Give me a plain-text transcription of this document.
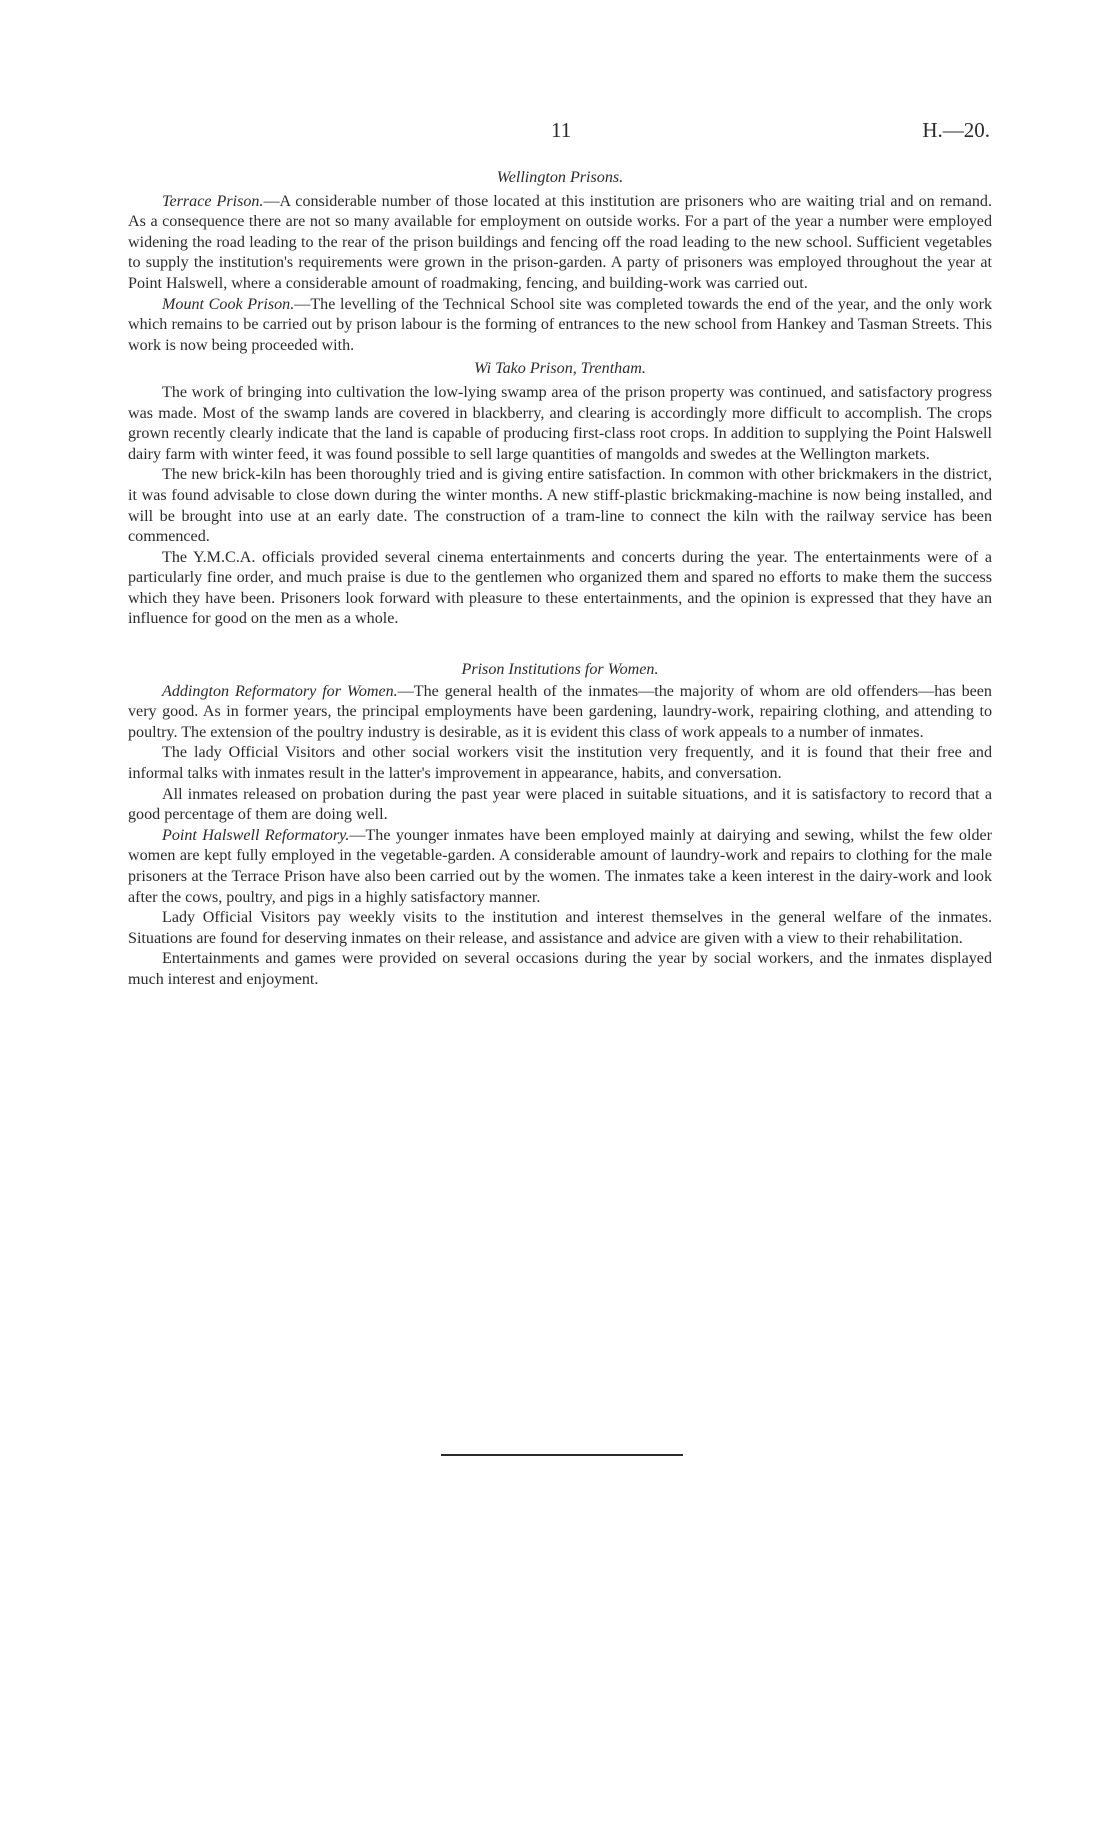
11	H.—20.
Wellington Prisons.

Terrace Prison.—A considerable number of those located at this institution are prisoners who are waiting trial and on remand. As a consequence there are not so many available for employment on outside works. For a part of the year a number were employed widening the road leading to the rear of the prison buildings and fencing off the road leading to the new school. Sufficient vegetables to supply the institution's requirements were grown in the prison-garden. A party of prisoners was employed throughout the year at Point Halswell, where a considerable amount of roadmaking, fencing, and building-work was carried out.

Mount Cook Prison.—The levelling of the Technical School site was completed towards the end of the year, and the only work which remains to be carried out by prison labour is the forming of entrances to the new school from Hankey and Tasman Streets. This work is now being proceeded with.

Wi Tako Prison, Trentham.

The work of bringing into cultivation the low-lying swamp area of the prison property was continued, and satisfactory progress was made. Most of the swamp lands are covered in blackberry, and clearing is accordingly more difficult to accomplish. The crops grown recently clearly indicate that the land is capable of producing first-class root crops. In addition to supplying the Point Halswell dairy farm with winter feed, it was found possible to sell large quantities of mangolds and swedes at the Wellington markets.

The new brick-kiln has been thoroughly tried and is giving entire satisfaction. In common with other brickmakers in the district, it was found advisable to close down during the winter months. A new stiff-plastic brickmaking-machine is now being installed, and will be brought into use at an early date. The construction of a tram-line to connect the kiln with the railway service has been commenced.

The Y.M.C.A. officials provided several cinema entertainments and concerts during the year. The entertainments were of a particularly fine order, and much praise is due to the gentlemen who organized them and spared no efforts to make them the success which they have been. Prisoners look forward with pleasure to these entertainments, and the opinion is expressed that they have an influence for good on the men as a whole.

Prison Institutions for Women.

Addington Reformatory for Women.—The general health of the inmates—the majority of whom are old offenders—has been very good. As in former years, the principal employments have been gardening, laundry-work, repairing clothing, and attending to poultry. The extension of the poultry industry is desirable, as it is evident this class of work appeals to a number of inmates.

The lady Official Visitors and other social workers visit the institution very frequently, and it is found that their free and informal talks with inmates result in the latter's improvement in appearance, habits, and conversation.

All inmates released on probation during the past year were placed in suitable situations, and it is satisfactory to record that a good percentage of them are doing well.

Point Halswell Reformatory.—The younger inmates have been employed mainly at dairying and sewing, whilst the few older women are kept fully employed in the vegetable-garden. A considerable amount of laundry-work and repairs to clothing for the male prisoners at the Terrace Prison have also been carried out by the women. The inmates take a keen interest in the dairy-work and look after the cows, poultry, and pigs in a highly satisfactory manner.

Lady Official Visitors pay weekly visits to the institution and interest themselves in the general welfare of the inmates. Situations are found for deserving inmates on their release, and assistance and advice are given with a view to their rehabilitation.

Entertainments and games were provided on several occasions during the year by social workers, and the inmates displayed much interest and enjoyment.
